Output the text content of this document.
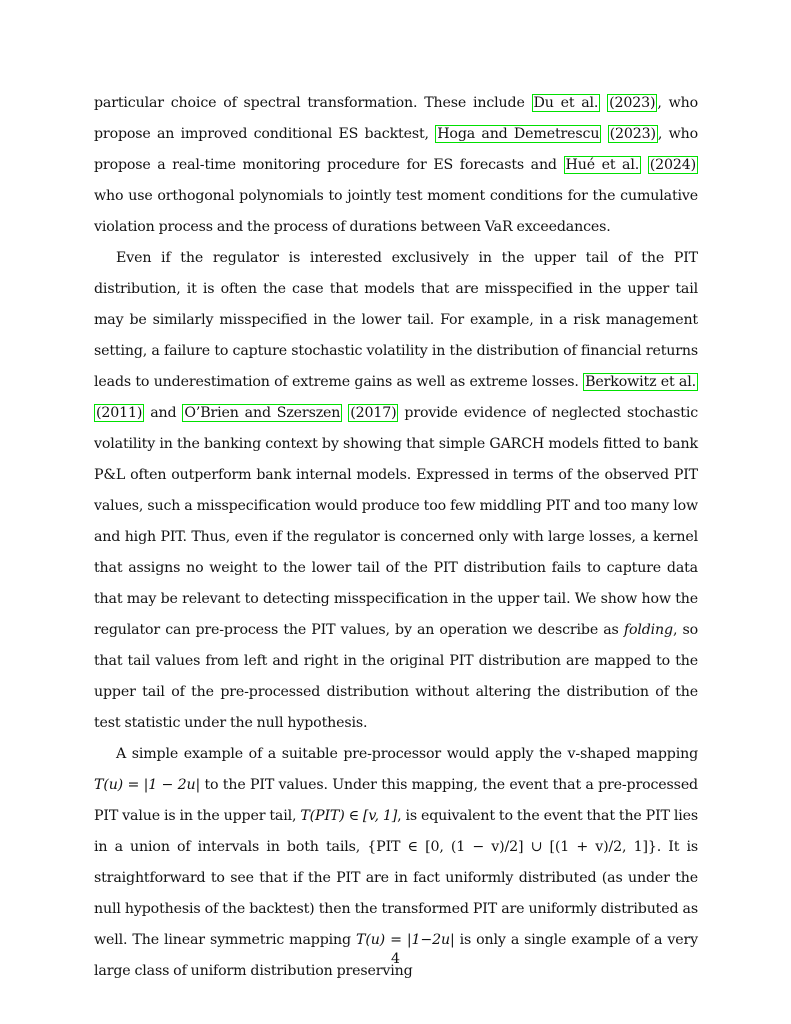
particular choice of spectral transformation. These include Du et al. (2023) , who propose an improved conditional ES backtest, Hoga and Demetrescu (2023) , who propose a real-time monitoring procedure for ES forecasts and Hué et al. (2024) who use orthogonal polynomials to jointly test moment conditions for the cumulative violation process and the process of durations between VaR exceedances.

Even if the regulator is interested exclusively in the upper tail of the PIT distribution, it is often the case that models that are misspecified in the upper tail may be similarly misspecified in the lower tail. For example, in a risk management setting, a failure to capture stochastic volatility in the distribution of financial returns leads to underestimation of extreme gains as well as extreme losses. Berkowitz et al. (2011) and O’Brien and Szerszen (2017) provide evidence of neglected stochastic volatility in the banking context by showing that simple GARCH models fitted to bank P&L often outperform bank internal models. Expressed in terms of the observed PIT values, such a misspecification would produce too few middling PIT and too many low and high PIT. Thus, even if the regulator is concerned only with large losses, a kernel that assigns no weight to the lower tail of the PIT distribution fails to capture data that may be relevant to detecting misspecification in the upper tail. We show how the regulator can pre-process the PIT values, by an operation we describe as folding, so that tail values from left and right in the original PIT distribution are mapped to the upper tail of the pre-processed distribution without altering the distribution of the test statistic under the null hypothesis.

A simple example of a suitable pre-processor would apply the v-shaped mapping T(u) = |1 − 2u| to the PIT values. Under this mapping, the event that a pre-processed PIT value is in the upper tail, T(PIT) ∈ [v, 1], is equivalent to the event that the PIT lies in a union of intervals in both tails, {PIT ∈ [0, (1 − v)/2] ∪ [(1 + v)/2, 1]}. It is straightforward to see that if the PIT are in fact uniformly distributed (as under the null hypothesis of the backtest) then the transformed PIT are uniformly distributed as well. The linear symmetric mapping T(u) = |1−2u| is only a single example of a very large class of uniform distribution preserving

4
